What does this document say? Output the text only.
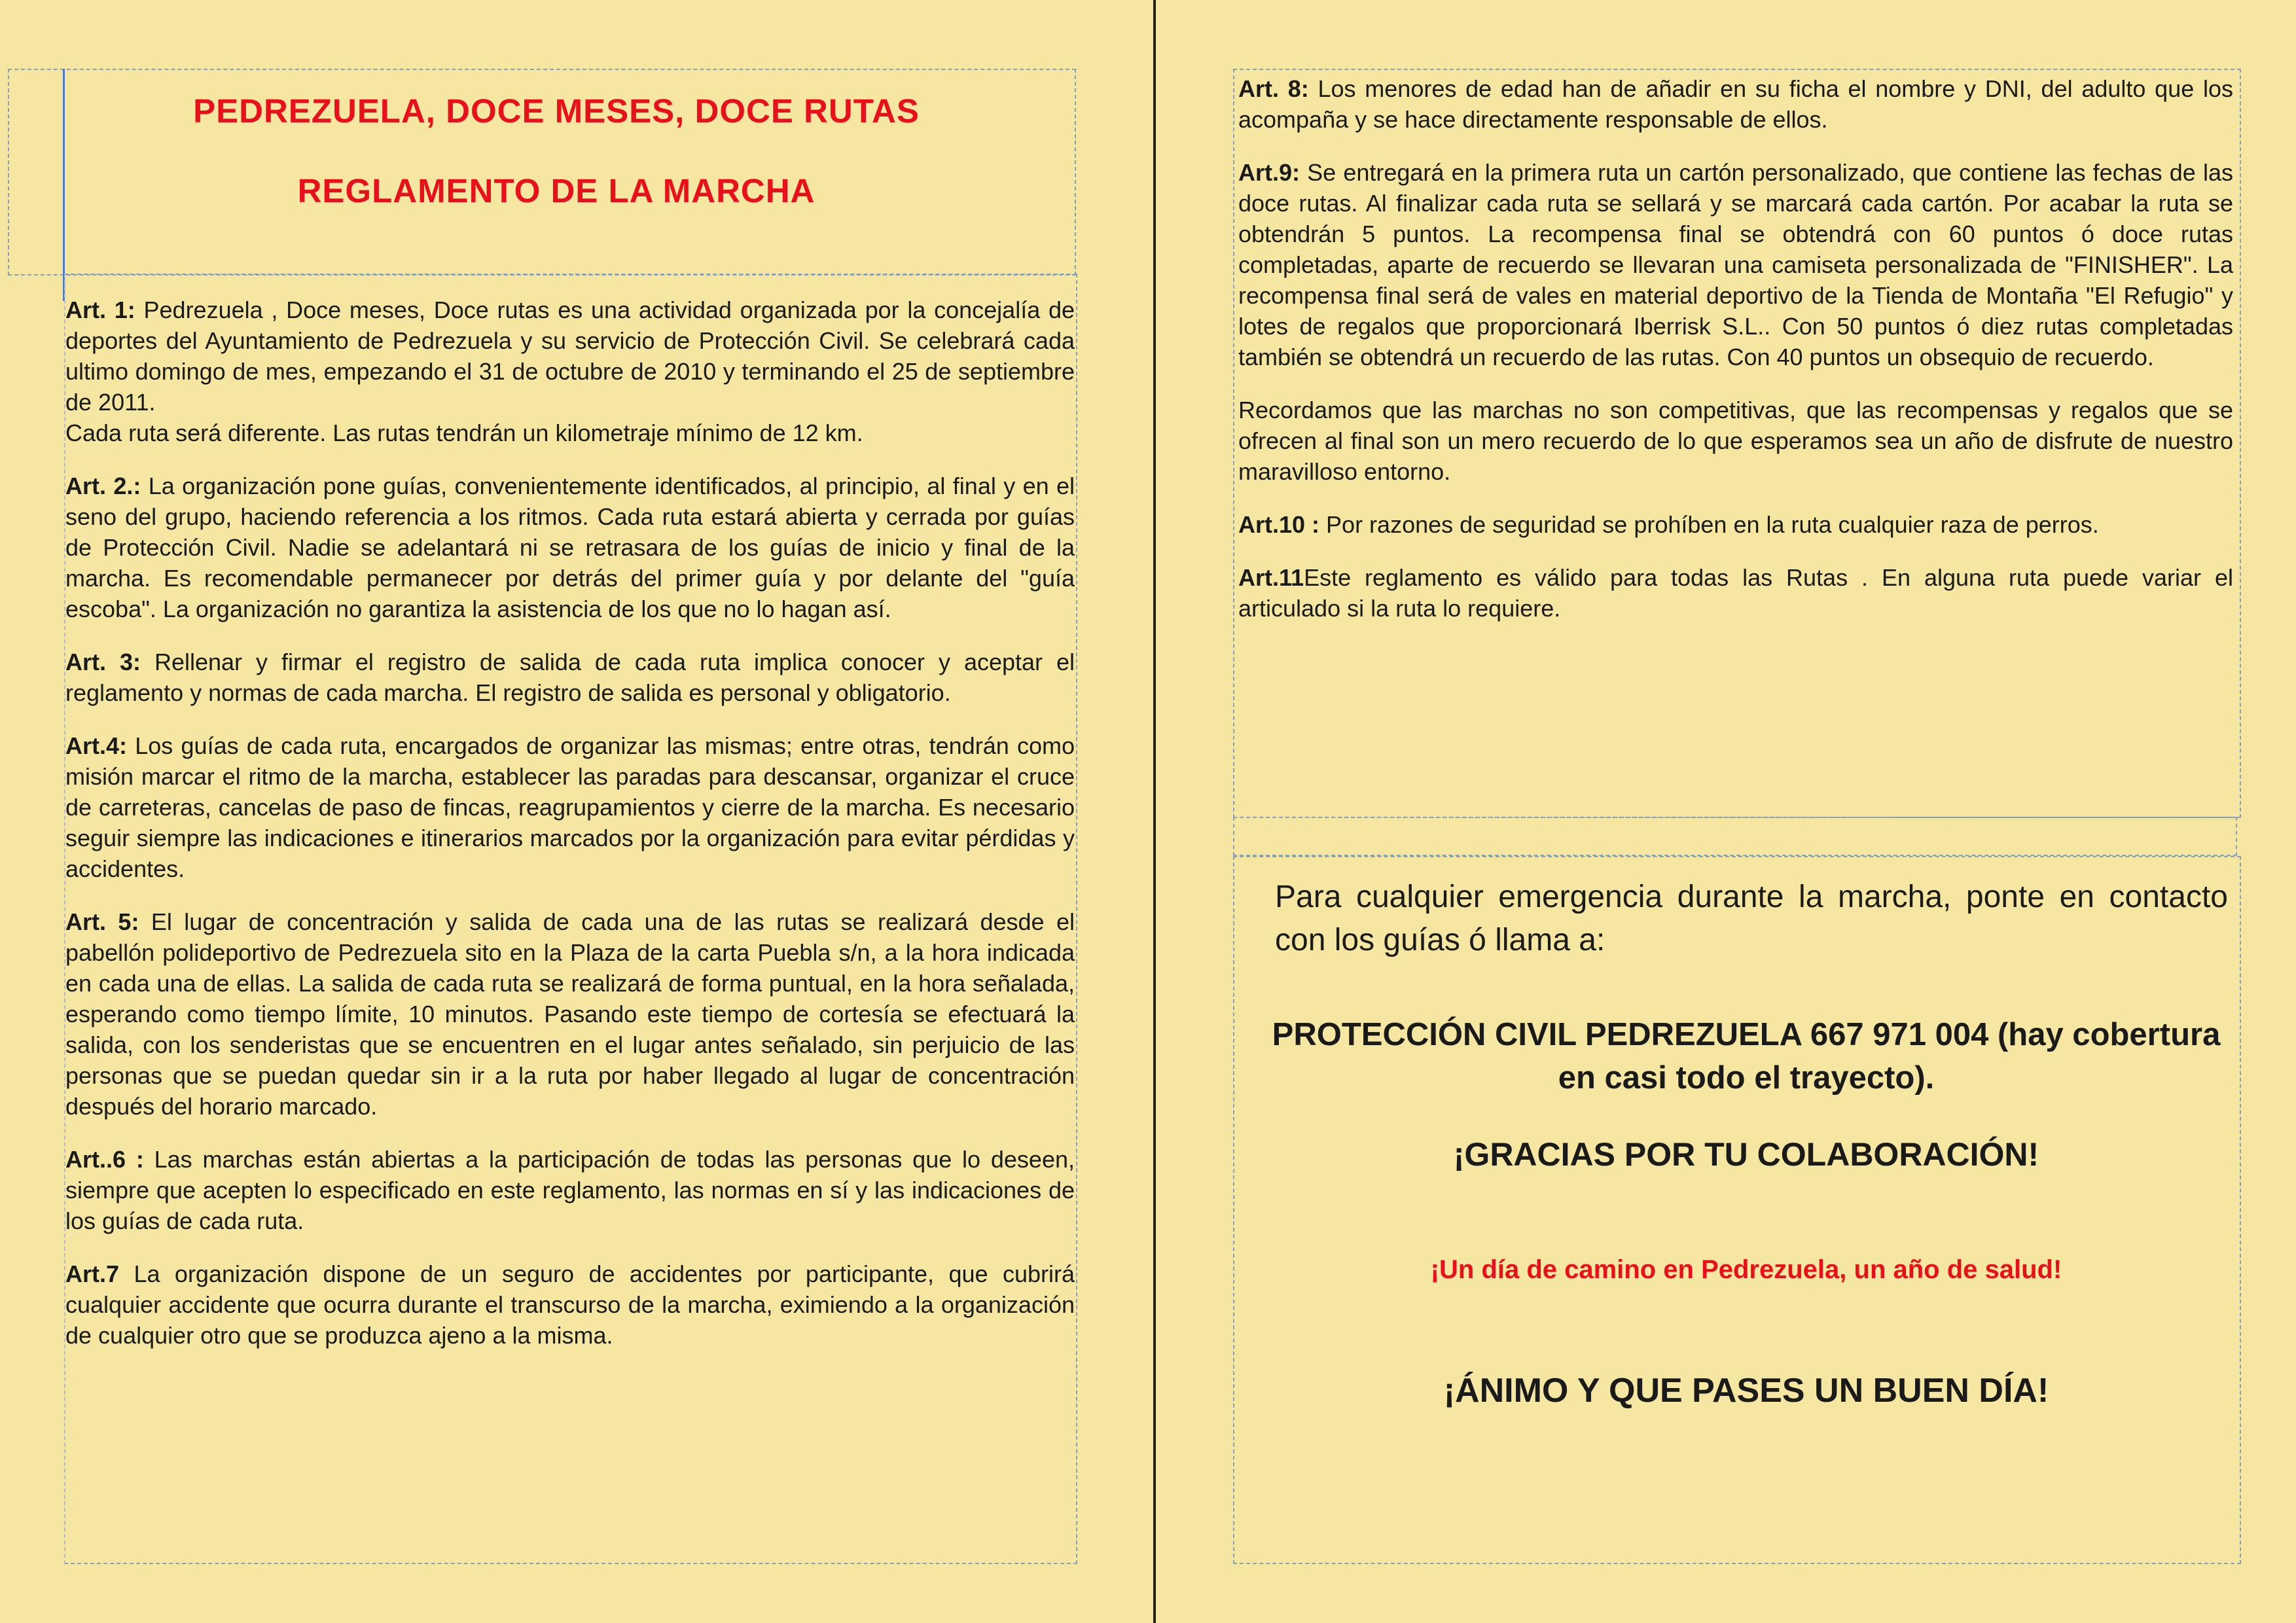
PEDREZUELA, DOCE MESES, DOCE RUTAS
REGLAMENTO DE LA MARCHA

Art. 1: Pedrezuela , Doce meses, Doce rutas es una actividad organizada por la concejalía de deportes del Ayuntamiento de Pedrezuela y su servicio de Protección Civil. Se celebrará cada ultimo domingo de mes, empezando el 31 de octubre de 2010 y terminando el 25 de septiembre de 2011.

Cada ruta será diferente. Las rutas tendrán un kilometraje mínimo de 12 km.

Art. 2.: La organización pone guías, convenientemente identificados, al principio, al final y en el seno del grupo, haciendo referencia a los ritmos. Cada ruta estará abierta y cerrada por guías de Protección Civil. Nadie se adelantará ni se retrasara de los guías de inicio y final de la marcha. Es recomendable permanecer por detrás del primer guía y por delante del "guía escoba". La organización no garantiza la asistencia de los que no lo hagan así.

Art. 3: Rellenar y firmar el registro de salida de cada ruta implica conocer y aceptar el reglamento y normas de cada marcha. El registro de salida es personal y obligatorio.

Art.4: Los guías de cada ruta, encargados de organizar las mismas; entre otras, tendrán como misión marcar el ritmo de la marcha, establecer las paradas para descansar, organizar el cruce de carreteras, cancelas de paso de fincas, reagrupamientos y cierre de la marcha. Es necesario seguir siempre las indicaciones e itinerarios marcados por la organización para evitar pérdidas y accidentes.

Art. 5: El lugar de concentración y salida de cada una de las rutas se realizará desde el pabellón polideportivo de Pedrezuela sito en la Plaza de la carta Puebla s/n, a la hora indicada en cada una de ellas. La salida de cada ruta se realizará de forma puntual, en la hora señalada, esperando como tiempo límite, 10 minutos. Pasando este tiempo de cortesía se efectuará la salida, con los senderistas que se encuentren en el lugar antes señalado, sin perjuicio de las personas que se puedan quedar sin ir a la ruta por haber llegado al lugar de concentración después del horario marcado.

Art..6 : Las marchas están abiertas a la participación de todas las personas que lo deseen, siempre que acepten lo especificado en este reglamento, las normas en sí y las indicaciones de los guías de cada ruta.

Art.7 La organización dispone de un seguro de accidentes por participante, que cubrirá cualquier accidente que ocurra durante el transcurso de la marcha, eximiendo a la organización de cualquier otro que se produzca ajeno a la misma.

Art. 8: Los menores de edad han de añadir en su ficha el nombre y DNI, del adulto que los acompaña y se hace directamente responsable de ellos.

Art.9: Se entregará en la primera ruta un cartón personalizado, que contiene las fechas de las doce rutas. Al finalizar cada ruta se sellará y se marcará cada cartón. Por acabar la ruta se obtendrán 5 puntos. La recompensa final se obtendrá con 60 puntos ó doce rutas completadas, aparte de recuerdo se llevaran una camiseta personalizada de "FINISHER". La recompensa final será de vales en material deportivo de la Tienda de Montaña "El Refugio" y lotes de regalos que proporcionará Iberrisk S.L.. Con 50 puntos ó diez rutas completadas también se obtendrá un recuerdo de las rutas. Con 40 puntos un obsequio de recuerdo.

Recordamos que las marchas no son competitivas, que las recompensas y regalos que se ofrecen al final son un mero recuerdo de lo que esperamos sea un año de disfrute de nuestro maravilloso entorno.

Art.10 : Por razones de seguridad se prohíben en la ruta cualquier raza de perros.

Art.11Este reglamento es válido para todas las Rutas . En alguna ruta puede variar el articulado si la ruta lo requiere.

Para cualquier emergencia durante la marcha, ponte en contacto con los guías ó llama a:
PROTECCIÓN CIVIL PEDREZUELA 667 971 004 (hay cobertura en casi todo el trayecto).
¡GRACIAS POR TU COLABORACIÓN!
¡Un día de camino en Pedrezuela, un año de salud!
¡ÁNIMO Y QUE PASES UN BUEN DÍA!
